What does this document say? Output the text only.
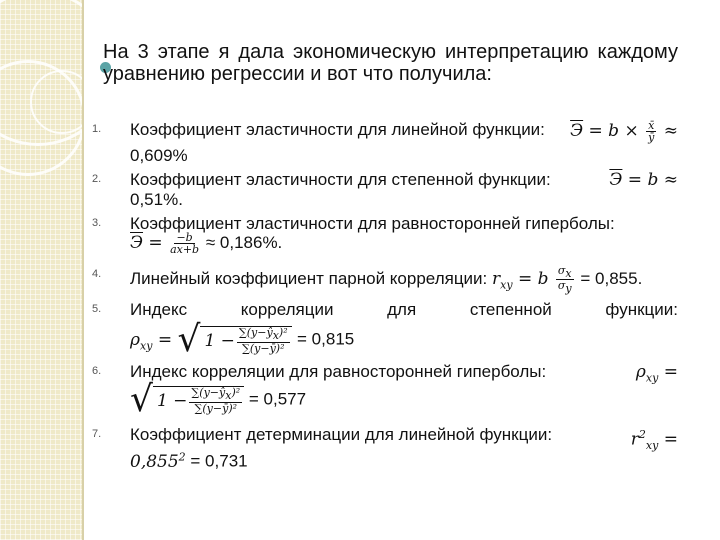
На 3 этапе я дала экономическую интерпретацию каждому уравнению регрессии и вот что получила:
1.	Коэффициент эластичности для линейной функции: $Э = b \times \frac{x̄}{ȳ}$ ≈
0,609%
2.	Коэффициент эластичности для степенной функции:	Э = b ≈
0,51%.
3.	Коэффициент эластичности для равносторонней гиперболы:
$Э = \frac{-b}{ax+b} \approx 0,186\%$.
4.	Линейный коэффициент парной корреляции: $r_{xy} = b \frac{\sigma_x}{\sigma_y} = 0,855$.
5.	Индекс	корреляции	для	степенной	функции:
$\rho_{xy}$ = √ $1 - \sum(y-ŷ_x)^2$
∑(y−ȳ)² = 0,815
6.	Индекс корреляции для равносторонней гиперболы:	$\rho_{xy}$ =
√ $1 - \sum(y-ŷ_x)^2$
∑(y−ȳ)² = 0,577
7.	Коэффициент детерминации для линейной функции:	$r^2_{xy}$ =
$0,855^2 = 0,731$
